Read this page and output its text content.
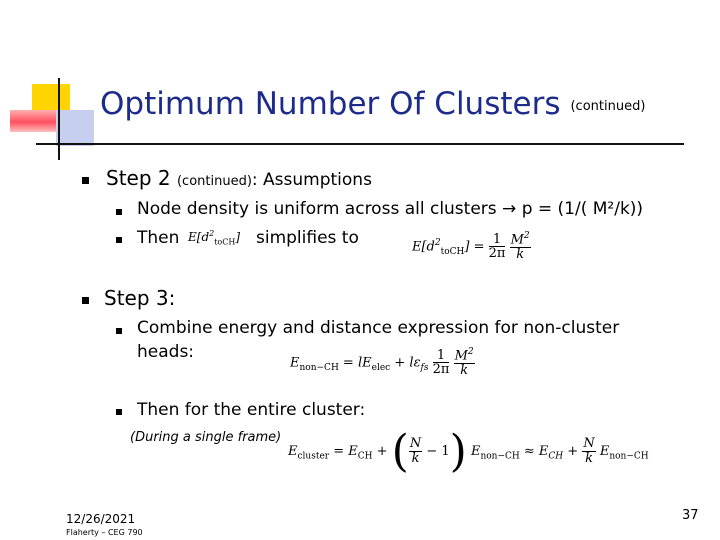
Optimum Number Of Clusters (continued)
Step 2 (continued): Assumptions
Node density is uniform across all clusters → p = (1/( M²/k))
Then $E[d^2_{toCH}]$ simplifies to	$E[d^2_{toCH}] = \frac{1}{2\pi}$
$\frac{M^2}{k}$
Step 3:
Combine energy and distance expression for non-cluster
heads:
$E_{non-CH} = lE_{elec} + l\varepsilon_{fs} \frac{1}{2\pi}$
$\frac{M^2}{k}$
Then for the entire cluster:
(During a single frame)
$E_{cluster} = E_{CH}$ + ( $\frac{N}{k} - 1$) $E_{non-CH} \approx E_{CH} + \frac{N}{k} E_{non-CH}$
12/26/2021
Flaherty – CEG 790
37
